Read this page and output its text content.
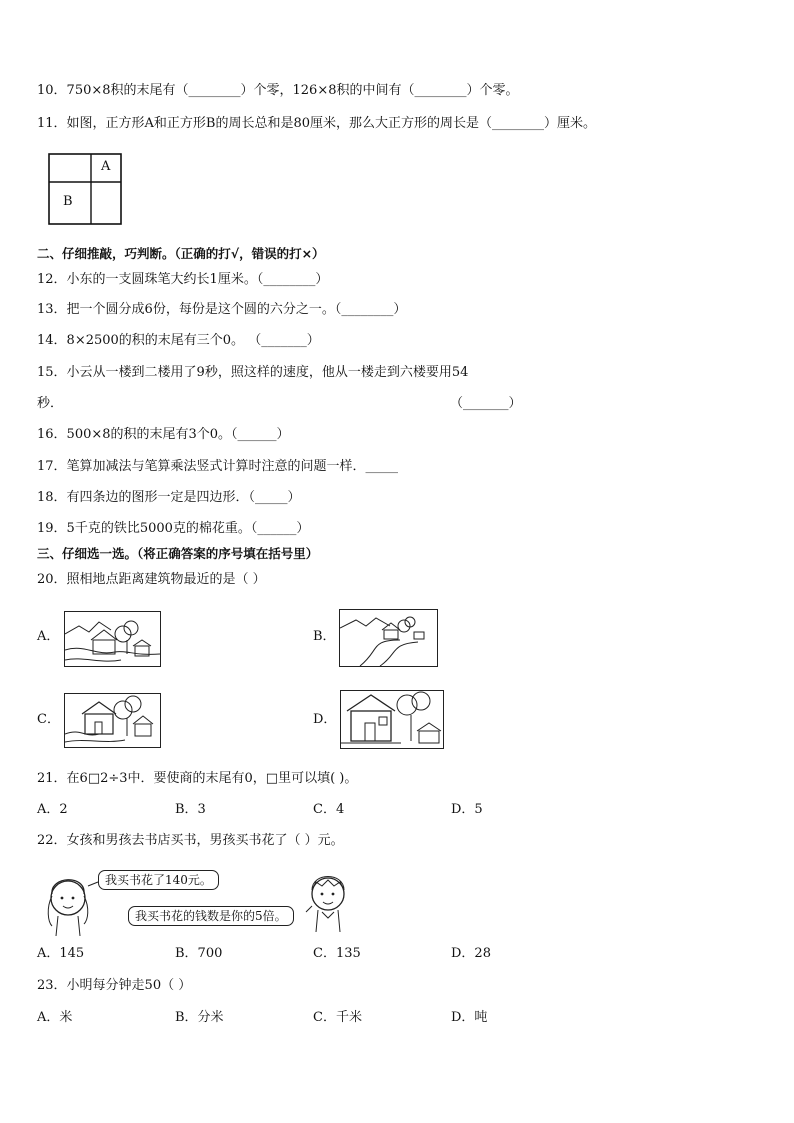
10．750×8积的末尾有（________）个零，126×8积的中间有（________）个零。
11．如图，正方形A和正方形B的周长总和是80厘米，那么大正方形的周长是（________）厘米。
A
B
二、仔细推敲，巧判断。（正确的打√，错误的打×）
12．小东的一支圆珠笔大约长1厘米。（________）
13．把一个圆分成6份，每份是这个圆的六分之一。（________）
14．8×2500的积的末尾有三个0。 （_______）
15．小云从一楼到二楼用了9秒，照这样的速度，他从一楼走到六楼要用54
秒．	（_______）
16．500×8的积的末尾有3个0。（______）
17．笔算加减法与笔算乘法竖式计算时注意的问题一样．_____
18．有四条边的图形一定是四边形．（_____）
19．5千克的铁比5000克的棉花重。（______）
三、仔细选一选。（将正确答案的序号填在括号里）
20．照相地点距离建筑物最近的是（ ）
A．	B．
C．	D．
21．在6□2÷3中．要使商的末尾有0，□里可以填( )。
A．2	B．3	C．4	D．5
22．女孩和男孩去书店买书，男孩买书花了（ ）元。
我买书花了140元。
我买书花的钱数是你的5倍。
A．145	B．700	C．135	D．28
23．小明每分钟走50（ ）
A．米	B．分米	C．千米	D．吨
